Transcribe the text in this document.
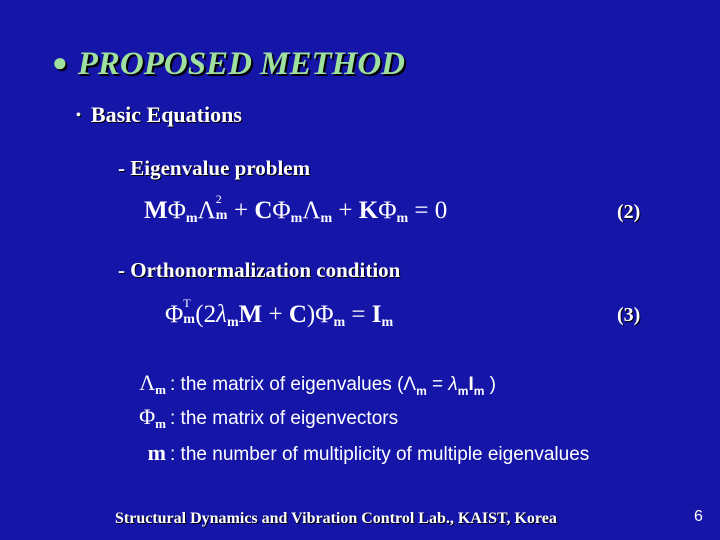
● PROPOSED METHOD
• Basic Equations
- Eigenvalue problem
$M\Phi_m\Lambda$ 2
$m + C\Phi_m\Lambda_m + K\Phi_m = 0$	(2)
- Orthonormalization condition
Φ T
m $(2\lambda_mM + C)\Phi_m = I_m$	(3)
$\Lambda_m$ : the matrix of eigenvalues ($\Lambda_m = \lambda_mI_m$ )
$\Phi_m$ : the matrix of eigenvectors
m : the number of multiplicity of multiple eigenvalues
Structural Dynamics and Vibration Control Lab., KAIST, Korea	6
